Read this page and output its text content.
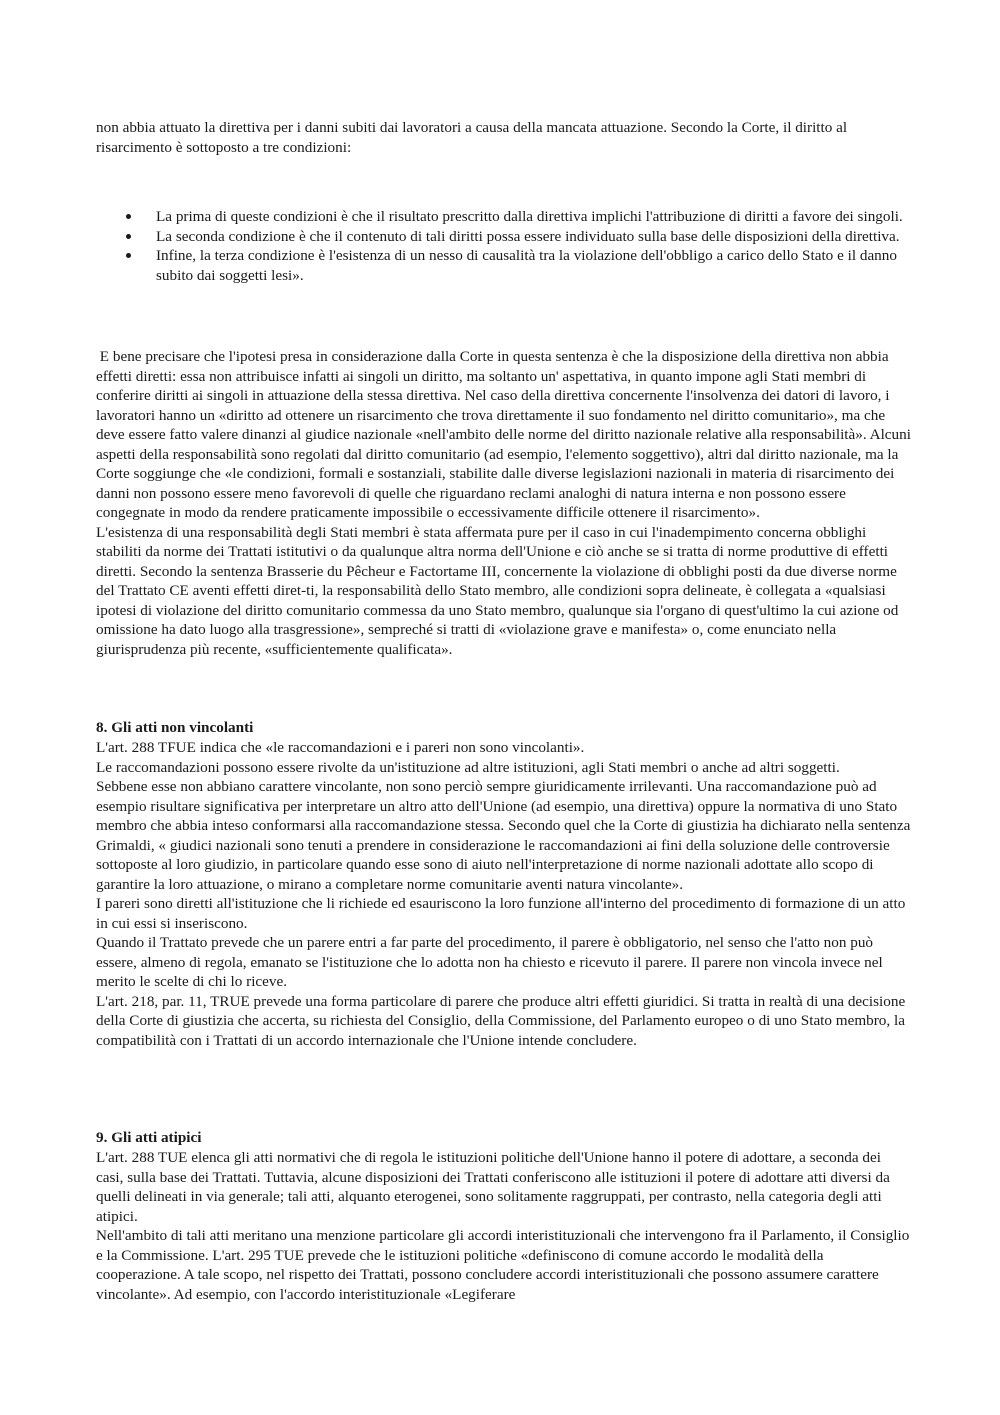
non abbia attuato la direttiva per i danni subiti dai lavoratori a causa della mancata attuazione. Secondo la Corte, il diritto al risarcimento è sottoposto a tre condizioni:

La prima di queste condizioni è che il risultato prescritto dalla direttiva implichi l'attribuzione di diritti a favore dei singoli.
La seconda condizione è che il contenuto di tali diritti possa essere individuato sulla base delle disposizioni della direttiva.
Infine, la terza condizione è l'esistenza di un nesso di causalità tra la violazione dell'obbligo a carico dello Stato e il danno subito dai soggetti lesi».

E bene precisare che l'ipotesi presa in considerazione dalla Corte in questa sentenza è che la disposizione della direttiva non abbia effetti diretti: essa non attribuisce infatti ai singoli un diritto, ma soltanto un' aspettativa, in quanto impone agli Stati membri di conferire diritti ai singoli in attuazione della stessa direttiva. Nel caso della direttiva concernente l'insolvenza dei datori di lavoro, i lavoratori hanno un «diritto ad ottenere un risarcimento che trova direttamente il suo fondamento nel diritto comunitario», ma che deve essere fatto valere dinanzi al giudice nazionale «nell'ambito delle norme del diritto nazionale relative alla responsabilità». Alcuni aspetti della responsabilità sono regolati dal diritto comunitario (ad esempio, l'elemento soggettivo), altri dal diritto nazionale, ma la Corte soggiunge che «le condizioni, formali e sostanziali, stabilite dalle diverse legislazioni nazionali in materia di risarcimento dei danni non possono essere meno favorevoli di quelle che riguardano reclami analoghi di natura interna e non possono essere congegnate in modo da rendere praticamente impossibile o eccessivamente difficile ottenere il risarcimento».

L'esistenza di una responsabilità degli Stati membri è stata affermata pure per il caso in cui l'inadempimento concerna obblighi stabiliti da norme dei Trattati istitutivi o da qualunque altra norma dell'Unione e ciò anche se si tratta di norme produttive di effetti diretti. Secondo la sentenza Brasserie du Pêcheur e Factortame III, concernente la violazione di obblighi posti da due diverse norme del Trattato CE aventi effetti diret-ti, la responsabilità dello Stato membro, alle condizioni sopra delineate, è collegata a «qualsiasi ipotesi di violazione del diritto comunitario commessa da uno Stato membro, qualunque sia l'organo di quest'ultimo la cui azione od omissione ha dato luogo alla trasgressione», sempreché si tratti di «violazione grave e manifesta» o, come enunciato nella giurisprudenza più recente, «sufficientemente qualificata».

8. Gli atti non vincolanti

L'art. 288 TFUE indica che «le raccomandazioni e i pareri non sono vincolanti».

Le raccomandazioni possono essere rivolte da un'istituzione ad altre istituzioni, agli Stati membri o anche ad altri soggetti.

Sebbene esse non abbiano carattere vincolante, non sono perciò sempre giuridicamente irrilevanti. Una raccomandazione può ad esempio risultare significativa per interpretare un altro atto dell'Unione (ad esempio, una direttiva) oppure la normativa di uno Stato membro che abbia inteso conformarsi alla raccomandazione stessa. Secondo quel che la Corte di giustizia ha dichiarato nella sentenza Grimaldi, « giudici nazionali sono tenuti a prendere in considerazione le raccomandazioni ai fini della soluzione delle controversie sottoposte al loro giudizio, in particolare quando esse sono di aiuto nell'interpretazione di norme nazionali adottate allo scopo di garantire la loro attuazione, o mirano a completare norme comunitarie aventi natura vincolante».

I pareri sono diretti all'istituzione che li richiede ed esauriscono la loro funzione all'interno del procedimento di formazione di un atto in cui essi si inseriscono.

Quando il Trattato prevede che un parere entri a far parte del procedimento, il parere è obbligatorio, nel senso che l'atto non può essere, almeno di regola, emanato se l'istituzione che lo adotta non ha chiesto e ricevuto il parere. Il parere non vincola invece nel merito le scelte di chi lo riceve.

L'art. 218, par. 11, TRUE prevede una forma particolare di parere che produce altri effetti giuridici. Si tratta in realtà di una decisione della Corte di giustizia che accerta, su richiesta del Consiglio, della Commissione, del Parlamento europeo o di uno Stato membro, la compatibilità con i Trattati di un accordo internazionale che l'Unione intende concludere.

9. Gli atti atipici

L'art. 288 TUE elenca gli atti normativi che di regola le istituzioni politiche dell'Unione hanno il potere di adottare, a seconda dei casi, sulla base dei Trattati. Tuttavia, alcune disposizioni dei Trattati conferiscono alle istituzioni il potere di adottare atti diversi da quelli delineati in via generale; tali atti, alquanto eterogenei, sono solitamente raggruppati, per contrasto, nella categoria degli atti atipici.

Nell'ambito di tali atti meritano una menzione particolare gli accordi interistituzionali che intervengono fra il Parlamento, il Consiglio e la Commissione. L'art. 295 TUE prevede che le istituzioni politiche «definiscono di comune accordo le modalità della cooperazione. A tale scopo, nel rispetto dei Trattati, possono concludere accordi interistituzionali che possono assumere carattere vincolante». Ad esempio, con l'accordo interistituzionale «Legiferare
